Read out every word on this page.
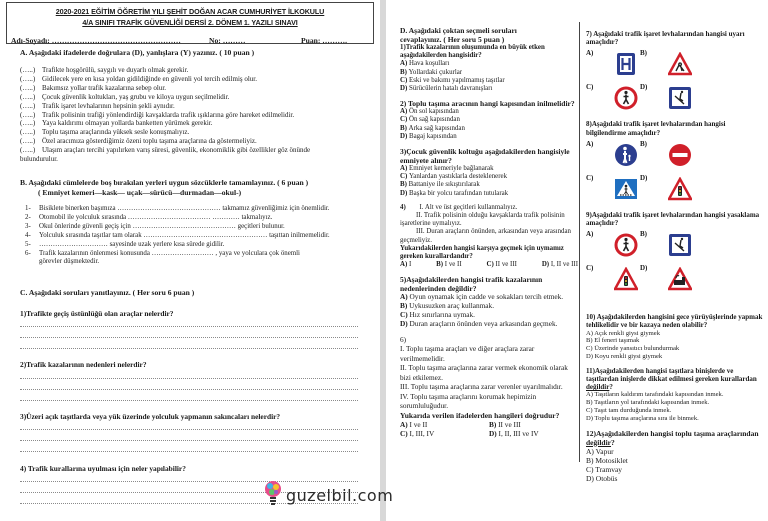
2020-2021 EĞİTİM ÖĞRETİM YILI ŞEHİT DOĞAN ACAR CUMHURİYET İLKOKULU
4/A SINIFI TRAFİK GÜVENLİĞİ DERSİ 2. DÖNEM 1. YAZILI SINAVI
Adı-Soyadı: ……………………………………………	No: ………	Puan: ……….
A. Aşağıdaki ifadelerde doğrulara (D), yanlışlara (Y) yazınız. ( 10 puan )
(…..) Trafikte hoşgörülü, saygılı ve duyarlı olmak gerekir.
(…..) Gidilecek yere en kısa yoldan gidildiğinde en güvenli yol tercih edilmiş olur.
(…..) Bakımsız yollar trafik kazalarına sebep olur.
(…..) Çocuk güvenlik koltukları, yaş grubu ve kiloya uygun seçilmelidir.
(…..) Trafik işaret levhalarının hepsinin şekli aynıdır.
(…..) Trafik polisinin trafiği yönlendirdiği kavşaklarda trafik ışıklarına göre hareket edilmelidir.
(…..) Yaya kaldırımı olmayan yollarda banketten yürümek gerekir.
(…..) Toplu taşıma araçlarında yüksek sesle konuşmalıyız.
(…..) Özel aracımıza gösterdiğimiz özeni toplu taşıma araçlarına da göstermeliyiz.
(…..) Ulaşım araçları tercihi yapılırken varış süresi, güvenlik, ekonomiklik gibi özellikler göz önünde
bulundurulur.
B. Aşağıdaki cümlelerde boş bırakılan yerleri uygun sözcüklerle tamamlayınız. ( 6 puan )
( Emniyet kemeri—kask— uçak—sürücü—durmadan—okul-)
1-	Bisiklete binerken başımıza ……………………………………… takmamız güvenliğimiz için önemlidir.
2-	Otomobil ile yolculuk sırasında ……………………………… ………… takmalıyız.
3-	Okul önlerinde güvenli geçiş için ……………………………………… geçitleri bulunur.
4-	Yolculuk sırasında taşıtlar tam olarak ……………………………………………… taşıttan inilmemelidir.
5-	………………………… sayesinde uzak yerlere kısa sürede gidilir.
6-	Trafik kazalarının önlenmesi konusunda ……………………… , yaya ve yolculara çok önemli
görevler düşmektedir.
C. Aşağıdaki soruları yanıtlayınız. ( Her soru 6 puan )
1)Trafikte geçiş üstünlüğü olan araçlar nelerdir?
2)Trafik kazalarının nedenleri nelerdir?
3)Üzeri açık taşıtlarda veya yük üzerinde yolculuk yapmanın sakıncaları nelerdir?
4) Trafik kurallarına uyulması için neler yapılabilir?
D. Aşağıdaki çoktan seçmeli soruları
cevaplayınız. ( Her soru 5 puan )
1)Trafik kazalarının oluşumunda en büyük etken aşağıdakilerden hangisidir?
A) Hava koşulları
B) Yollardaki çukurlar
C) Eski ve bakımı yapılmamış taşıtlar
D) Sürücülerin hatalı davranışları
2) Toplu taşıma aracının hangi kapısından inilmelidir?
A) Ön sol kapısından
C) Ön sağ kapısından
B) Arka sağ kapısından
D) Bagaj kapısından
3)Çocuk güvenlik koltuğu aşağıdakilerden hangisiyle emniyete alınır?
A) Emniyet kemeriyle bağlanarak
C) Yanlardan yastıklarla desteklenerek
B) Battaniye ile sıkıştırılarak
D) Başka bir yolcu tarafından tutularak
4) I. Alt ve üst geçitleri kullanmalıyız.
II. Trafik polisinin olduğu kavşaklarda trafik polisinin işaretlerine uymalıyız.
III. Duran araçların önünden, arkasından veya arasından geçmeliyiz.
Yukarıdakilerden hangisi karşıya geçmek için uymamız gereken kurallardandır?
A) I	B) I ve II	C) II ve III	D) I, II ve III
5)Aşağıdakilerden hangisi trafik kazalarının nedenlerinden değildir?
A) Oyun oynamak için cadde ve sokakları tercih etmek.
B) Uykusuzken araç kullanmak.
C) Hız sınırlarına uymak.
D) Duran araçların önünden veya arkasından geçmek.
6)
I. Toplu taşıma araçları ve diğer araçlara zarar verilmemelidir.
II. Toplu taşıma araçlarına zarar vermek ekonomik olarak bizi etkilemez.
III. Toplu taşıma araçlarına zarar verenler uyarılmalıdır.
IV. Toplu taşıma araçlarını korumak hepimizin sorumluluğudur.
Yukarıda verilen ifadelerden hangileri doğrudur?
A) I ve II	B) II ve III
C) I, III, IV	D) I, II, III ve IV
7) Aşağıdaki trafik işaret levhalarından hangisi uyarı amaçlıdır?
A)	B)
C)	D)
8)Aşağıdaki trafik işaret levhalarından hangisi bilgilendirme amaçlıdır?
A)	B)
C)	D)
9)Aşağıdaki trafik işaret levhalarından hangisi yasaklama amaçlıdır?
A)	B)
C)	D)
10) Aşağıdakilerden hangisini gece yürüyüşlerinde yapmak tehlikelidir ve bir kazaya neden olabilir?
A) Açık renkli giysi giymek
B) El feneri taşımak
C) Üzerinde yansıtıcı bulundurmak
D) Koyu renkli giysi giymek
11)Aşağıdakilerden hangisi taşıtlara binişlerde ve taşıtlardan inişlerde dikkat edilmesi gereken kurallardan değildir?
A) Taşıtların kaldırım tarafındaki kapısından inmek.
B) Taşıtların yol tarafındaki kapısından inmek.
C) Taşıt tam durduğunda inmek.
D) Toplu taşıma araçlarına sıra ile binmek.
12)Aşağıdakilerden hangisi toplu taşıma araçlarından değildir?
A) Vapur
B) Motosiklet
C) Tramvay
D) Otobüs
guzelbil.com
